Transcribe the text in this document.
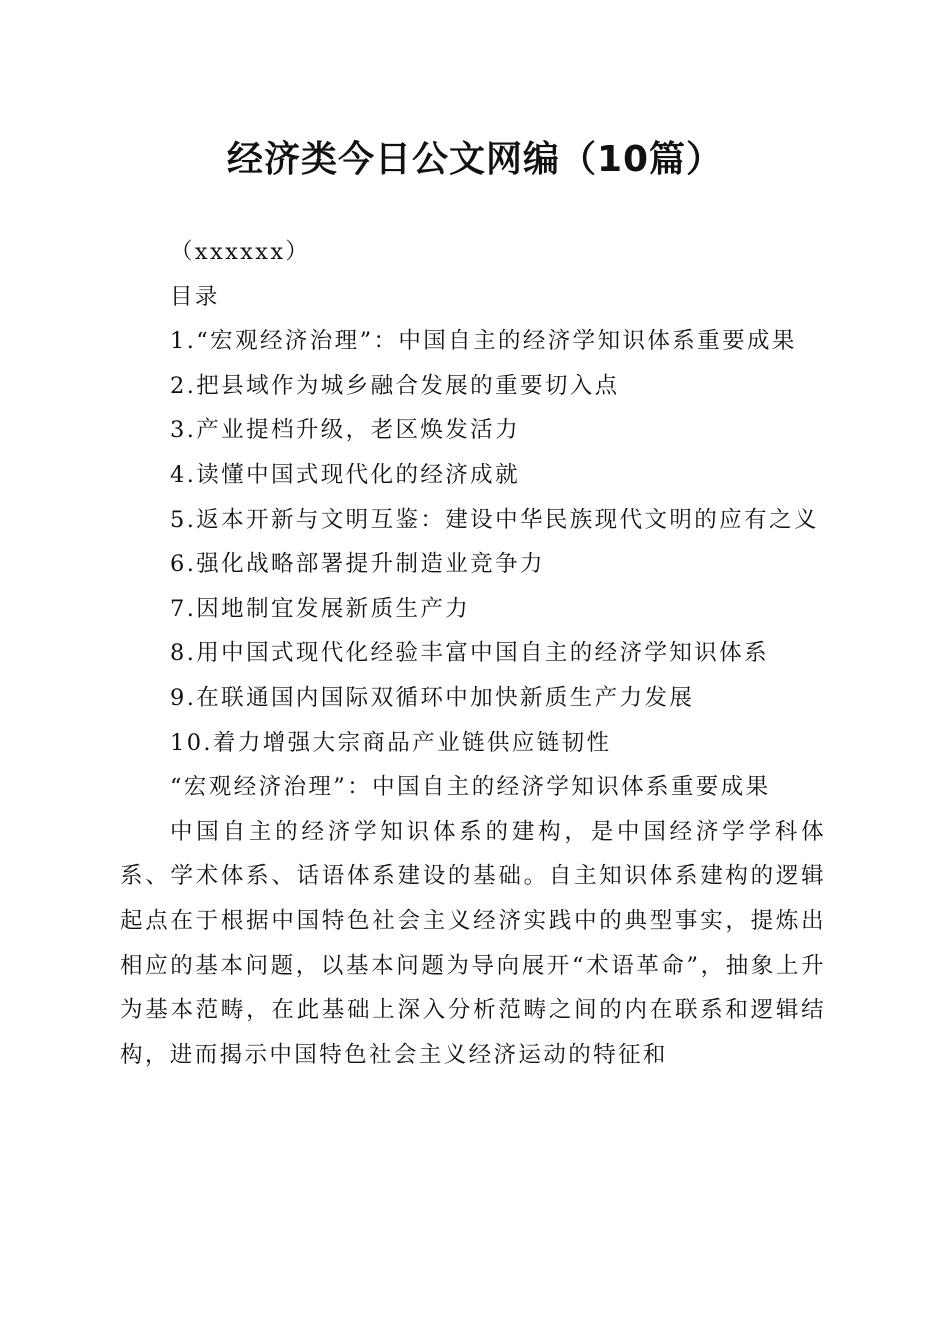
经济类今日公文网编（10篇）

（xxxxxx）

目录

1.“宏观经济治理”：中国自主的经济学知识体系重要成果

2.把县域作为城乡融合发展的重要切入点

3.产业提档升级，老区焕发活力

4.读懂中国式现代化的经济成就

5.返本开新与文明互鉴：建设中华民族现代文明的应有之义

6.强化战略部署提升制造业竞争力

7.因地制宜发展新质生产力

8.用中国式现代化经验丰富中国自主的经济学知识体系

9.在联通国内国际双循环中加快新质生产力发展

10.着力增强大宗商品产业链供应链韧性

“宏观经济治理”：中国自主的经济学知识体系重要成果

中国自主的经济学知识体系的建构，是中国经济学学科体系、学术体系、话语体系建设的基础。自主知识体系建构的逻辑起点在于根据中国特色社会主义经济实践中的典型事实，提炼出相应的基本问题，以基本问题为导向展开“术语革命”，抽象上升为基本范畴，在此基础上深入分析范畴之间的内在联系和逻辑结构，进而揭示中国特色社会主义经济运动的特征和
